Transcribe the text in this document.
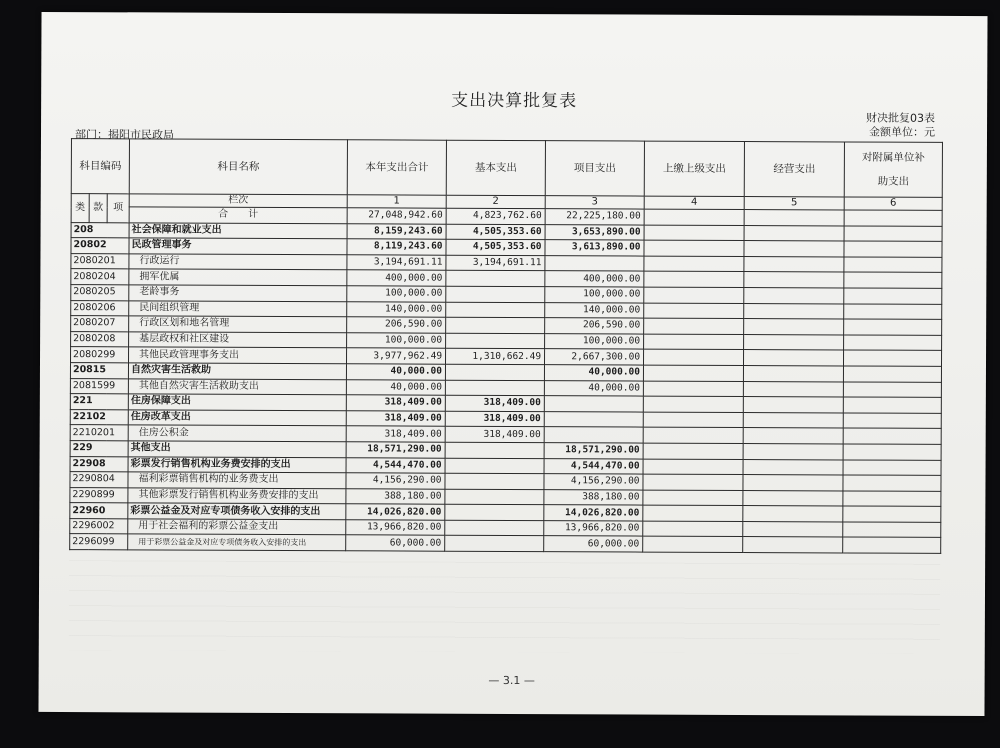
支出决算批复表
财决批复03表
金额单位：元
部门：揭阳市民政局
科目编码			科目名称	本年支出合计	基本支出	项目支出	上缴上级支出	经营支出	对附属单位补助支出
类	款	项	栏次	1	2	3	4	5	6
			合　　计	27,048,942.60	4,823,762.60	22,225,180.00			
208			社会保障和就业支出	8,159,243.60	4,505,353.60	3,653,890.00			
20802			民政管理事务	8,119,243.60	4,505,353.60	3,613,890.00			
2080201			行政运行	3,194,691.11	3,194,691.11				
2080204			拥军优属	400,000.00		400,000.00			
2080205			老龄事务	100,000.00		100,000.00			
2080206			民间组织管理	140,000.00		140,000.00			
2080207			行政区划和地名管理	206,590.00		206,590.00			
2080208			基层政权和社区建设	100,000.00		100,000.00			
2080299			其他民政管理事务支出	3,977,962.49	1,310,662.49	2,667,300.00			
20815			自然灾害生活救助	40,000.00		40,000.00			
2081599			其他自然灾害生活救助支出	40,000.00		40,000.00			
221			住房保障支出	318,409.00	318,409.00				
22102			住房改革支出	318,409.00	318,409.00				
2210201			住房公积金	318,409.00	318,409.00				
229			其他支出	18,571,290.00		18,571,290.00			
22908			彩票发行销售机构业务费安排的支出	4,544,470.00		4,544,470.00			
2290804			福利彩票销售机构的业务费支出	4,156,290.00		4,156,290.00			
2290899			其他彩票发行销售机构业务费安排的支出	388,180.00		388,180.00			
22960			彩票公益金及对应专项债务收入安排的支出	14,026,820.00		14,026,820.00			
2296002			用于社会福利的彩票公益金支出	13,966,820.00		13,966,820.00			
2296099			用于彩票公益金及对应专项债务收入安排的支出	60,000.00		60,000.00			
— 3.1 —
